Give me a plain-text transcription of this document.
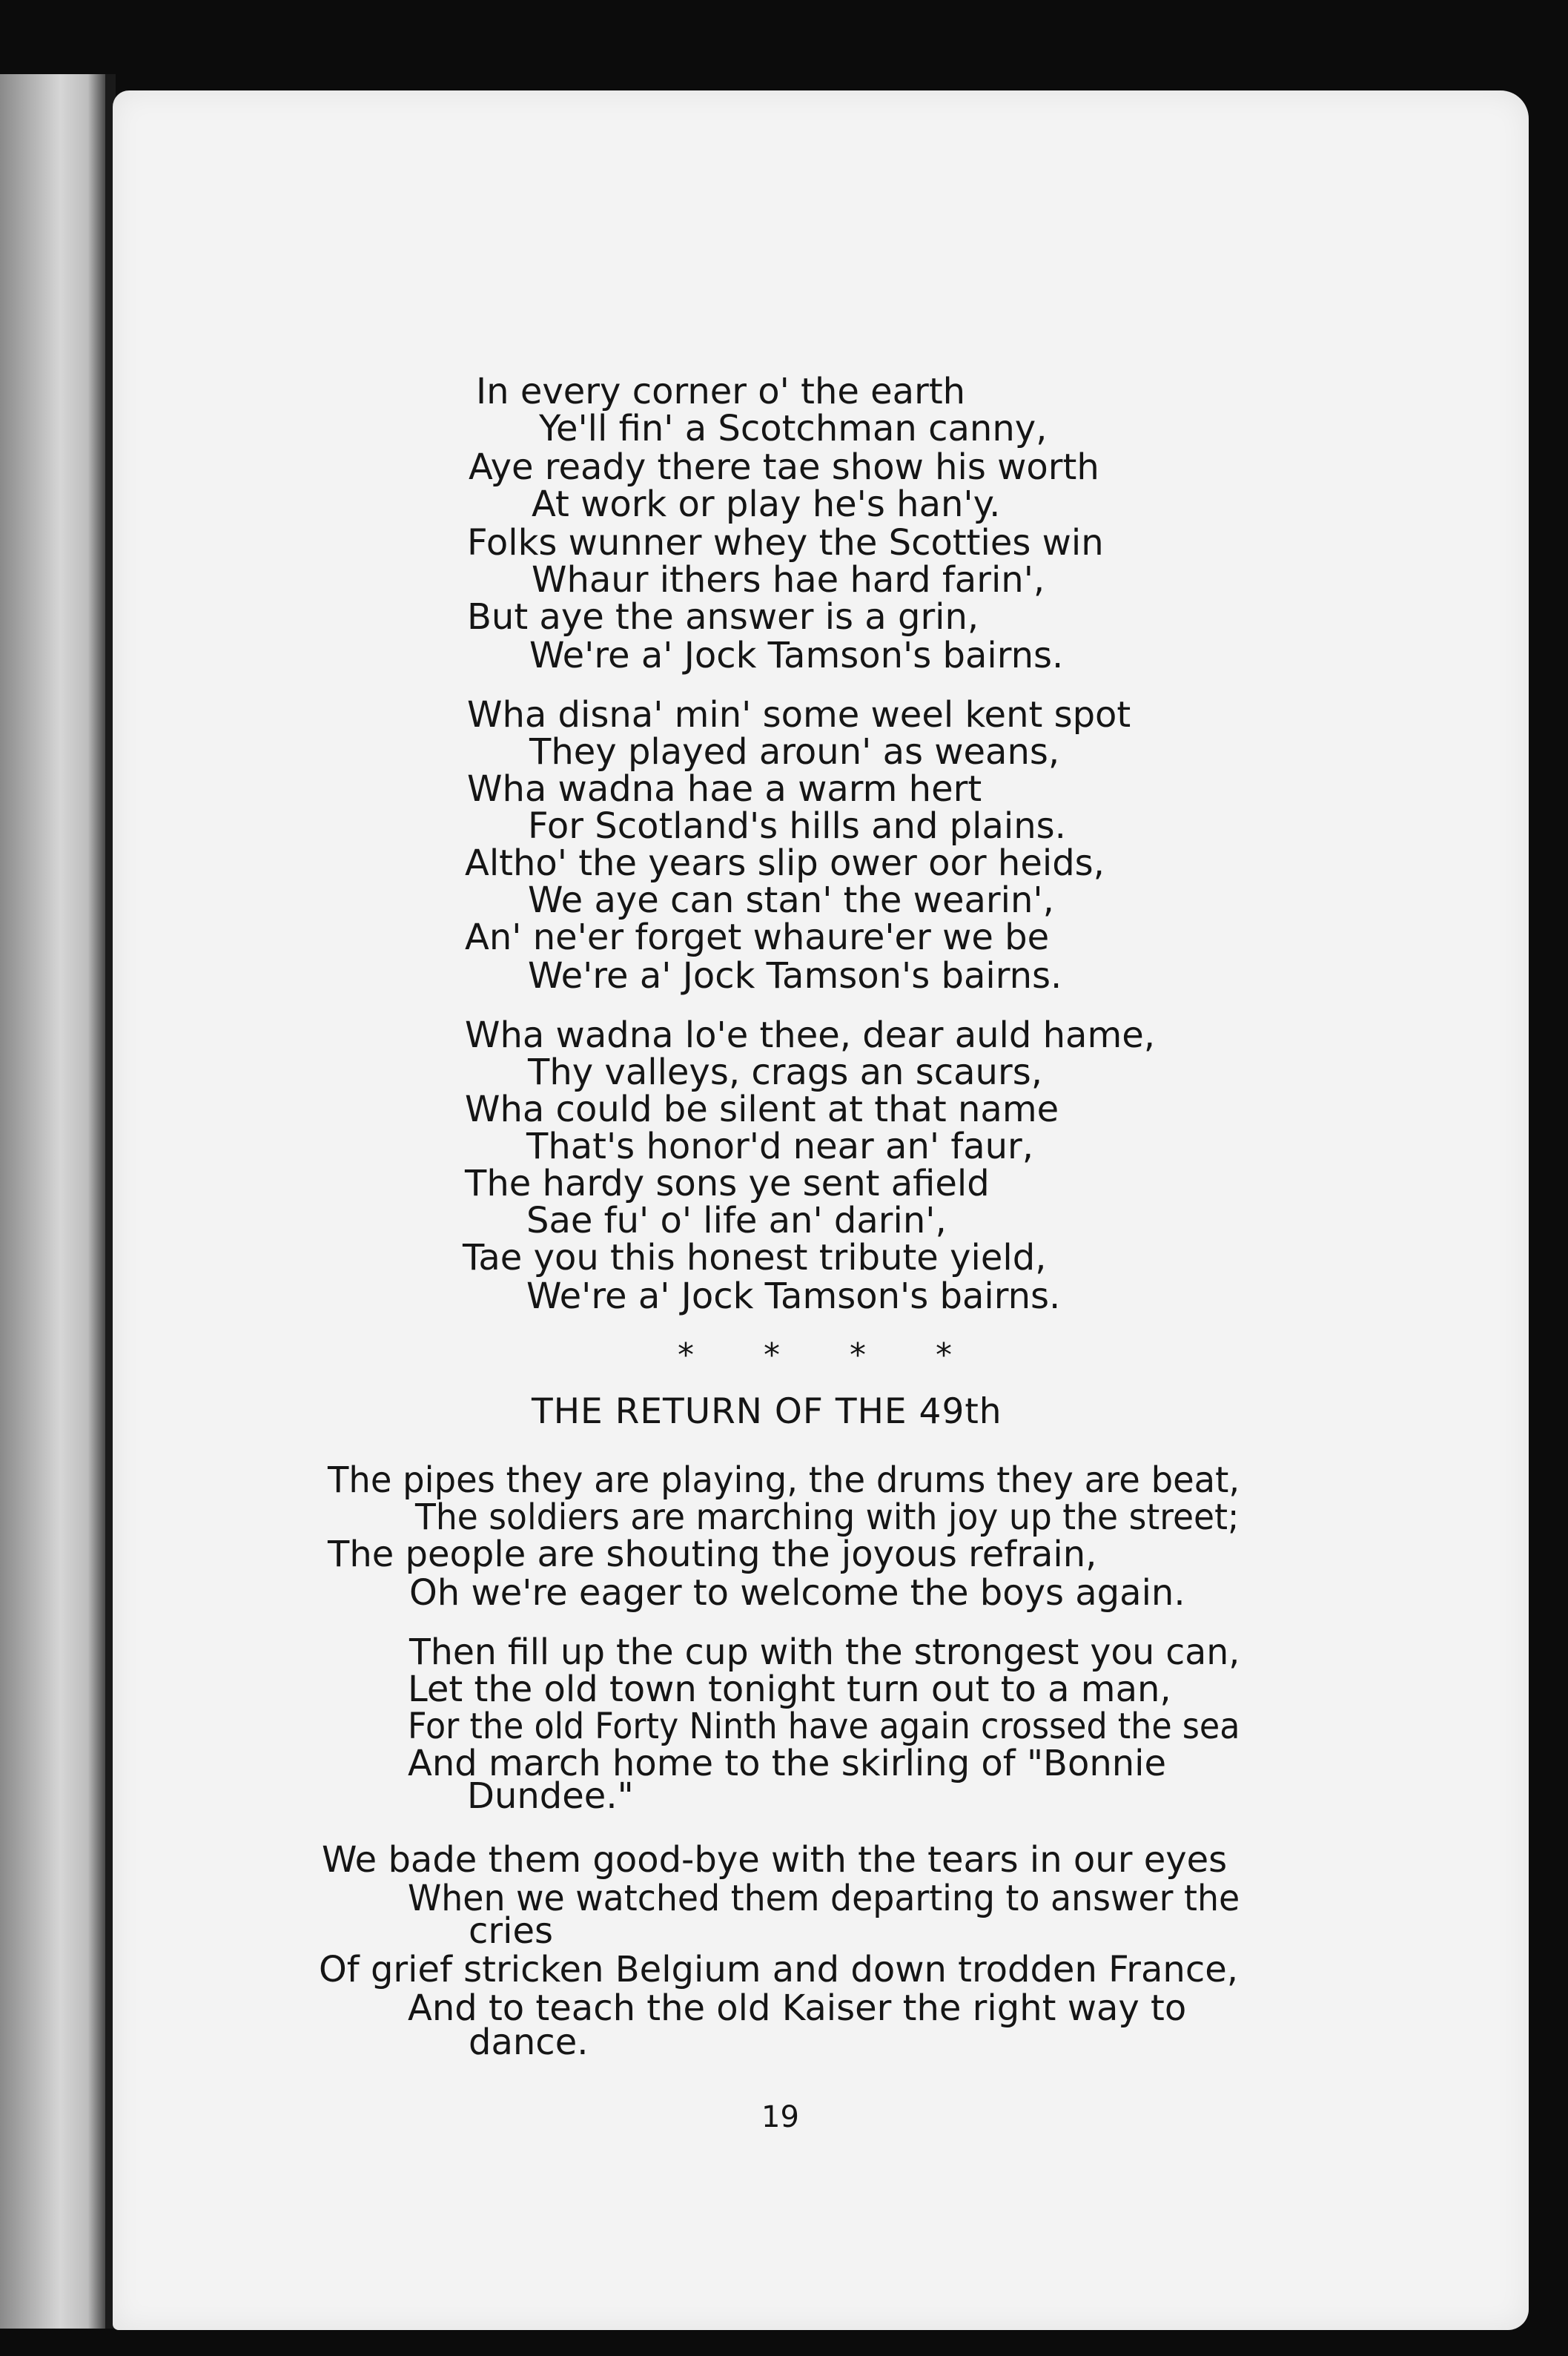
In every corner o' the earth
Ye'll fin' a Scotchman canny,
Aye ready there tae show his worth
At work or play he's han'y.
Folks wunner whey the Scotties win
Whaur ithers hae hard farin',
But aye the answer is a grin,
We're a' Jock Tamson's bairns.
Wha disna' min' some weel kent spot
They played aroun' as weans,
Wha wadna hae a warm hert
For Scotland's hills and plains.
Altho' the years slip ower oor heids,
We aye can stan' the wearin',
An' ne'er forget whaure'er we be
We're a' Jock Tamson's bairns.
Wha wadna lo'e thee, dear auld hame,
Thy valleys, crags an scaurs,
Wha could be silent at that name
That's honor'd near an' faur,
The hardy sons ye sent afield
Sae fu' o' life an' darin',
Tae you this honest tribute yield,
We're a' Jock Tamson's bairns.
* * * *
THE RETURN OF THE 49th
The pipes they are playing, the drums they are beat,
The soldiers are marching with joy up the street;
The people are shouting the joyous refrain,
Oh we're eager to welcome the boys again.
Then fill up the cup with the strongest you can,
Let the old town tonight turn out to a man,
For the old Forty Ninth have again crossed the sea
And march home to the skirling of "Bonnie
Dundee."
We bade them good-bye with the tears in our eyes
When we watched them departing to answer the
cries
Of grief stricken Belgium and down trodden France,
And to teach the old Kaiser the right way to
dance.
19
